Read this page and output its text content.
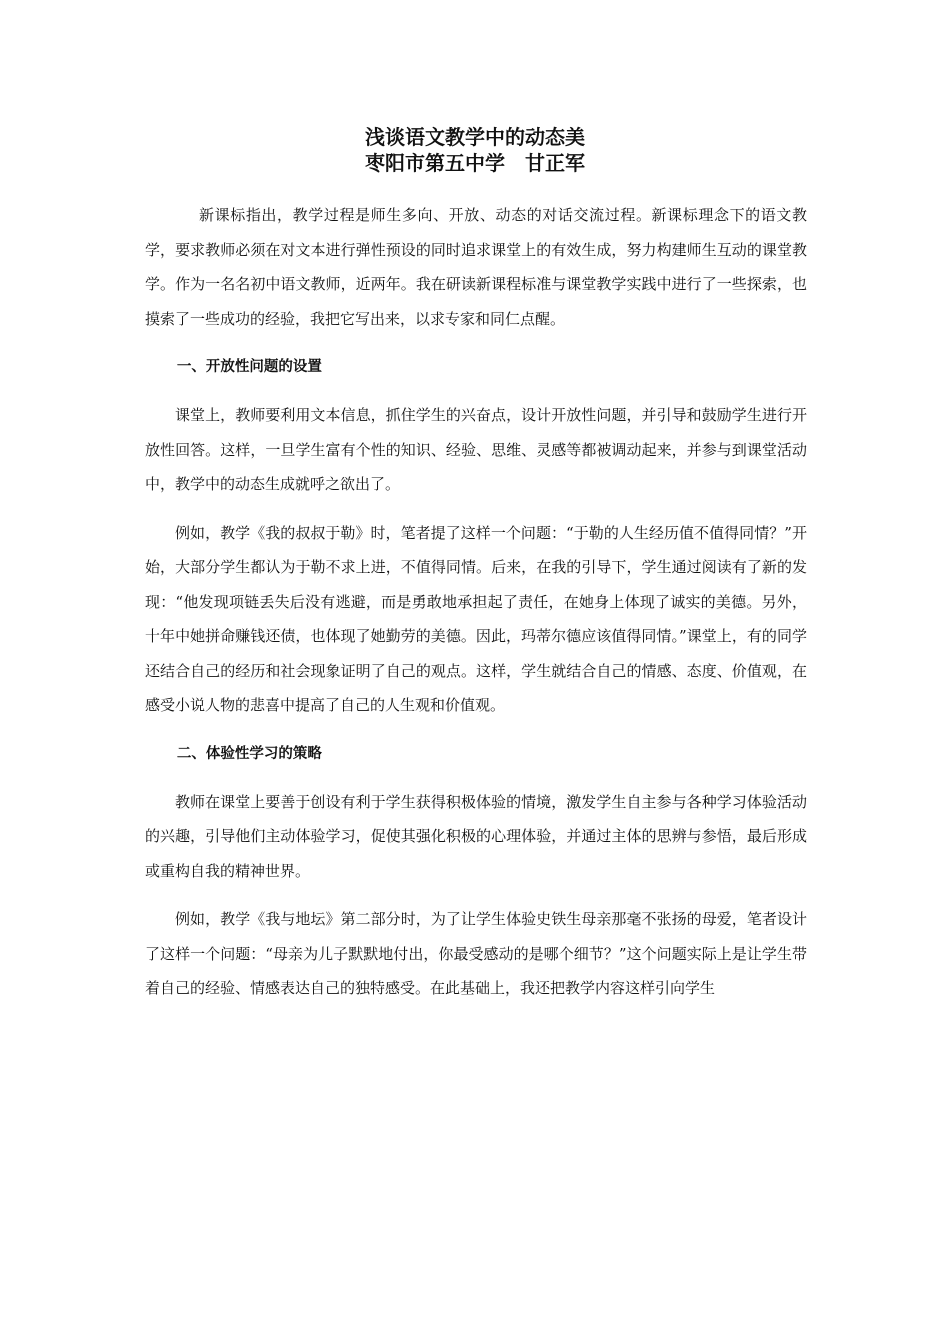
浅谈语文教学中的动态美
枣阳市第五中学　甘正军

新课标指出，教学过程是师生多向、开放、动态的对话交流过程。新课标理念下的语文教学，要求教师必须在对文本进行弹性预设的同时追求课堂上的有效生成，努力构建师生互动的课堂教学。作为一名名初中语文教师，近两年。我在研读新课程标准与课堂教学实践中进行了一些探索，也摸索了一些成功的经验，我把它写出来，以求专家和同仁点醒。

一、开放性问题的设置

课堂上，教师要利用文本信息，抓住学生的兴奋点，设计开放性问题，并引导和鼓励学生进行开放性回答。这样，一旦学生富有个性的知识、经验、思维、灵感等都被调动起来，并参与到课堂活动中，教学中的动态生成就呼之欲出了。

例如，教学《我的叔叔于勒》时，笔者提了这样一个问题：“于勒的人生经历值不值得同情？”开始，大部分学生都认为于勒不求上进，不值得同情。后来，在我的引导下，学生通过阅读有了新的发现：“他发现项链丢失后没有逃避，而是勇敢地承担起了责任，在她身上体现了诚实的美德。另外，十年中她拼命赚钱还债，也体现了她勤劳的美德。因此，玛蒂尔德应该值得同情。”课堂上，有的同学还结合自己的经历和社会现象证明了自己的观点。这样，学生就结合自己的情感、态度、价值观，在感受小说人物的悲喜中提高了自己的人生观和价值观。

二、体验性学习的策略

教师在课堂上要善于创设有利于学生获得积极体验的情境，激发学生自主参与各种学习体验活动的兴趣，引导他们主动体验学习，促使其强化积极的心理体验，并通过主体的思辨与参悟，最后形成或重构自我的精神世界。

例如，教学《我与地坛》第二部分时，为了让学生体验史铁生母亲那毫不张扬的母爱，笔者设计了这样一个问题：“母亲为儿子默默地付出，你最受感动的是哪个细节？”这个问题实际上是让学生带着自己的经验、情感表达自己的独特感受。在此基础上，我还把教学内容这样引向学生
